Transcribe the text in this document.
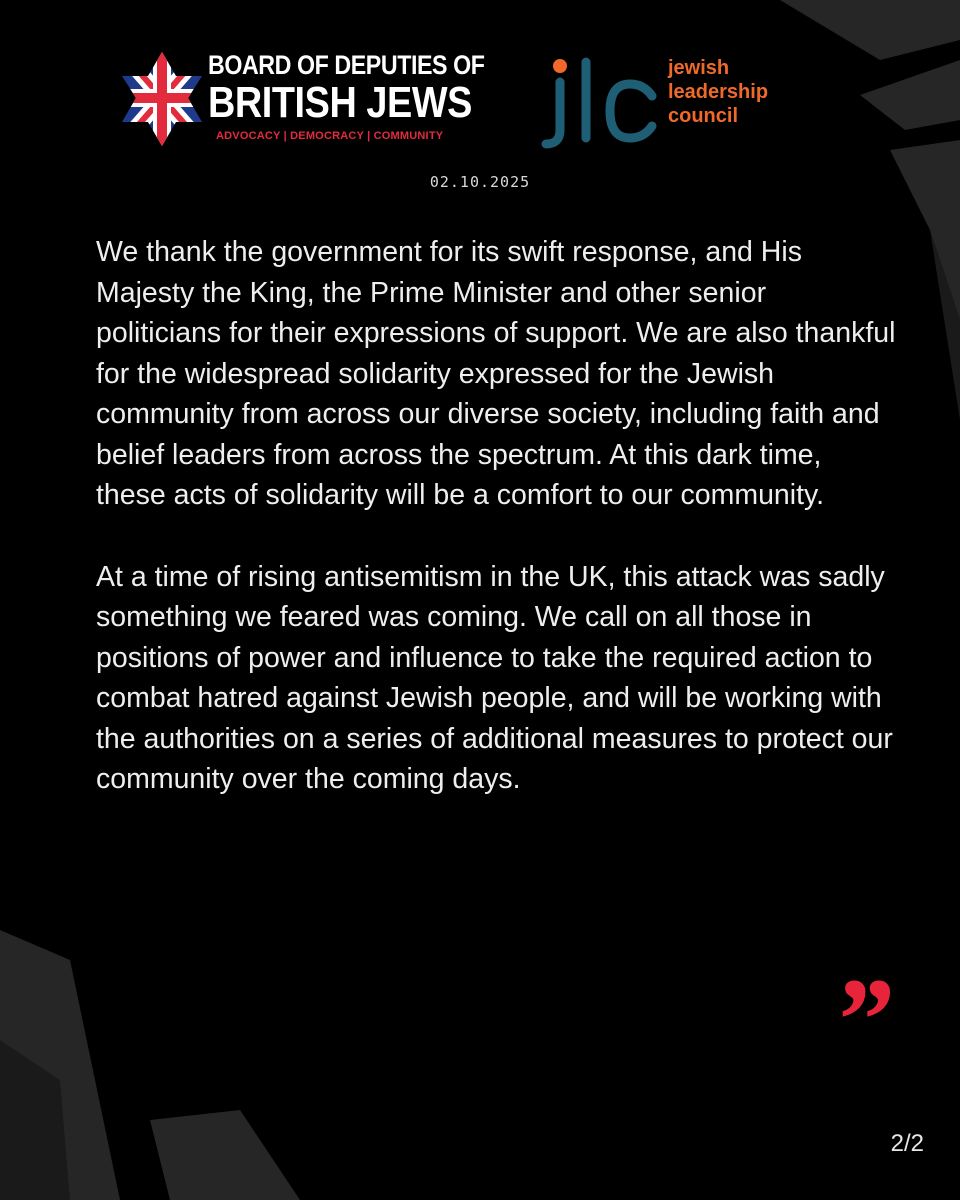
BOARD OF DEPUTIES OF
BRITISH JEWS
ADVOCACY | DEMOCRACY | COMMUNITY
jewish
leadership
council
02.10.2025

We thank the government for its swift response, and His Majesty the King, the Prime Minister and other senior politicians for their expressions of support. We are also thankful for the widespread solidarity expressed for the Jewish community from across our diverse society, including faith and belief leaders from across the spectrum. At this dark time, these acts of solidarity will be a comfort to our community.

At a time of rising antisemitism in the UK, this attack was sadly something we feared was coming. We call on all those in positions of power and influence to take the required action to combat hatred against Jewish people, and will be working with the authorities on a series of additional measures to protect our community over the coming days.

”
2/2
